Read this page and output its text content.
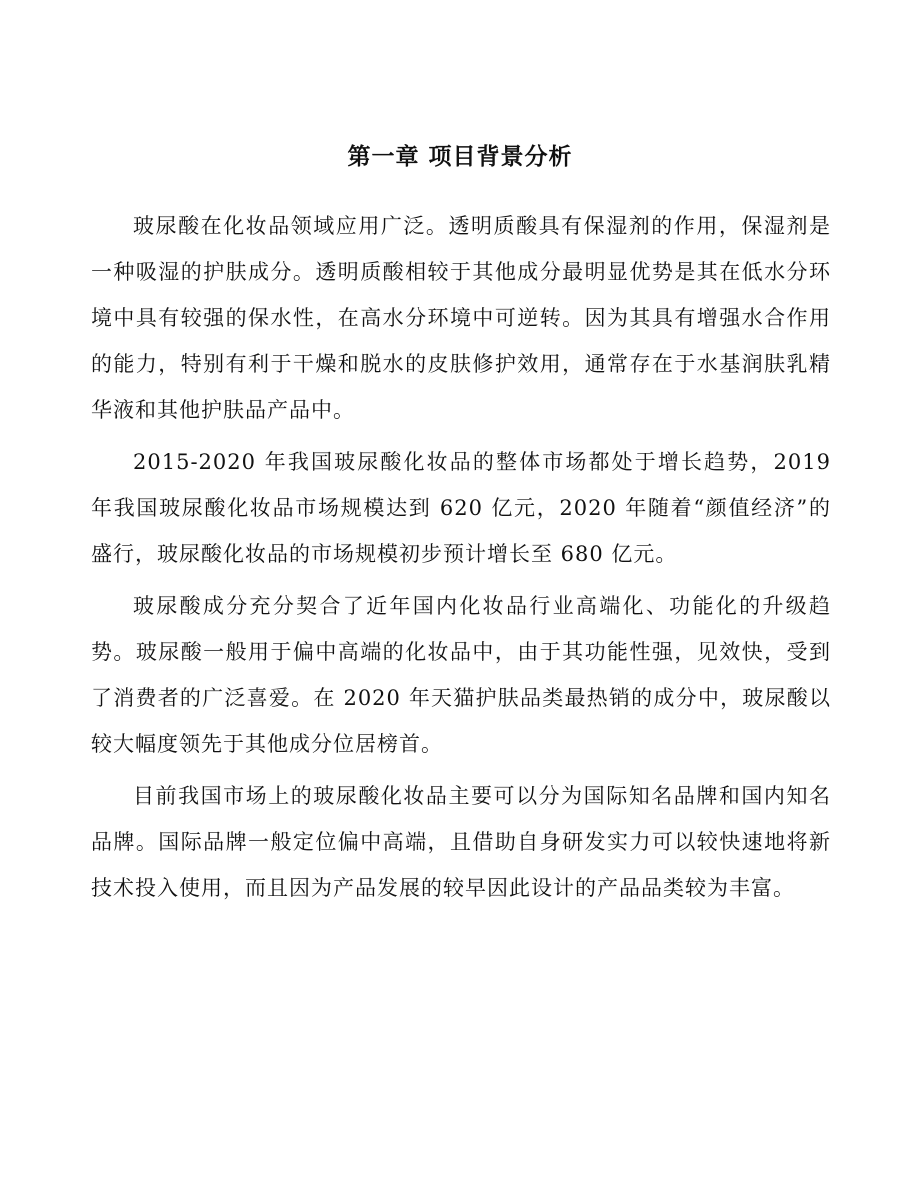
第一章 项目背景分析

玻尿酸在化妆品领域应用广泛。透明质酸具有保湿剂的作用，保湿剂是一种吸湿的护肤成分。透明质酸相较于其他成分最明显优势是其在低水分环境中具有较强的保水性，在高水分环境中可逆转。因为其具有增强水合作用的能力，特别有利于干燥和脱水的皮肤修护效用，通常存在于水基润肤乳精华液和其他护肤品产品中。

2015-2020 年我国玻尿酸化妆品的整体市场都处于增长趋势，2019 年我国玻尿酸化妆品市场规模达到 620 亿元，2020 年随着“颜值经济”的盛行，玻尿酸化妆品的市场规模初步预计增长至 680 亿元。

玻尿酸成分充分契合了近年国内化妆品行业高端化、功能化的升级趋势。玻尿酸一般用于偏中高端的化妆品中，由于其功能性强，见效快，受到了消费者的广泛喜爱。在 2020 年天猫护肤品类最热销的成分中，玻尿酸以较大幅度领先于其他成分位居榜首。

目前我国市场上的玻尿酸化妆品主要可以分为国际知名品牌和国内知名品牌。国际品牌一般定位偏中高端，且借助自身研发实力可以较快速地将新技术投入使用，而且因为产品发展的较早因此设计的产品品类较为丰富。
